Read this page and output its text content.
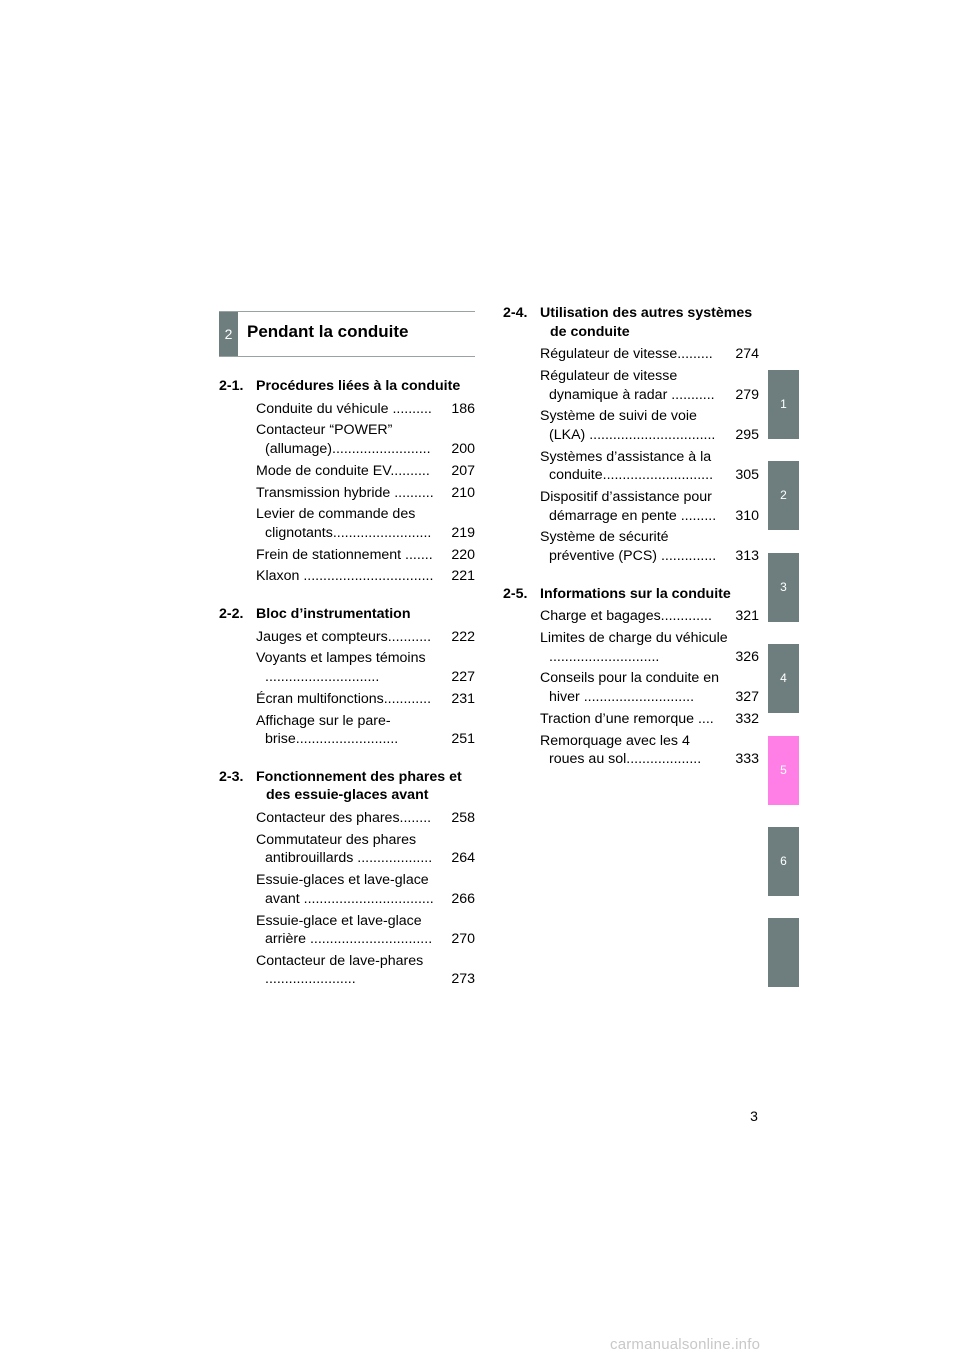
2 Pendant la conduite
2-1. Procédures liées à la conduite
Conduite du véhicule ..........	186
Contacteur “POWER” (allumage).........................	200
Mode de conduite EV..........	207
Transmission hybride ..........	210
Levier de commande des clignotants.........................	219
Frein de stationnement .......	220
Klaxon .................................	221
2-2. Bloc d’instrumentation
Jauges et compteurs...........	222
Voyants et lampes témoins .............................	227
Écran multifonctions............	231
Affichage sur le pare-brise..........................	251
2-3. Fonctionnement des phares et des essuie-glaces avant
Contacteur des phares........	258
Commutateur des phares antibrouillards ...................	264
Essuie-glaces et lave-glace avant .................................	266
Essuie-glace et lave-glace arrière ...............................	270
Contacteur de lave-phares .......................	273
2-4. Utilisation des autres systèmes de conduite
Régulateur de vitesse.........	274
Régulateur de vitesse dynamique à radar ...........	279
Système de suivi de voie (LKA) ................................	295
Systèmes d’assistance à la conduite............................	305
Dispositif d’assistance pour démarrage en pente .........	310
Système de sécurité préventive (PCS) ..............	313
2-5. Informations sur la conduite
Charge et bagages.............	321
Limites de charge du véhicule ............................	326
Conseils pour la conduite en hiver ............................	327
Traction d’une remorque ....	332
Remorquage avec les 4 roues au sol...................	333
1
2
3
4
5
6
3
carmanualsonline.info
